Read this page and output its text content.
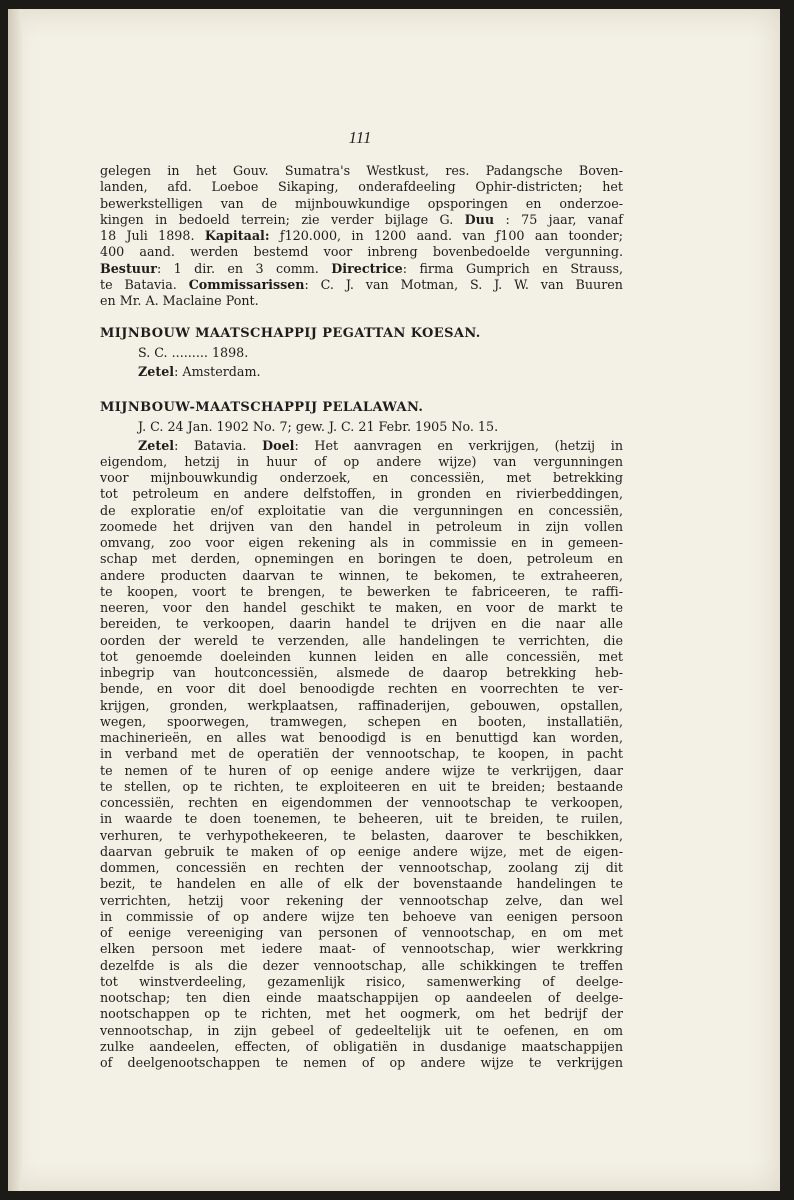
111

gelegen in het Gouv. Sumatra's Westkust, res. Padangsche Boven-

landen, afd. Loeboe Sikaping, onderafdeeling Ophir-districten; het

bewerkstelligen van de mijnbouwkundige opsporingen en onderzoe-

kingen in bedoeld terrein; zie verder bijlage G. Duu : 75 jaar, vanaf

18 Juli 1898. Kapitaal: ƒ120.000, in 1200 aand. van ƒ100 aan toonder;

400 aand. werden bestemd voor inbreng bovenbedoelde vergunning.

Bestuur: 1 dir. en 3 comm. Directrice: firma Gumprich en Strauss,

te Batavia. Commissarissen: C. J. van Motman, S. J. W. van Buuren

en Mr. A. Maclaine Pont.

MIJNBOUW MAATSCHAPPIJ PEGATTAN KOESAN.

S. C. ......... 1898.

Zetel: Amsterdam.

MIJNBOUW-MAATSCHAPPIJ PELALAWAN.

J. C. 24 Jan. 1902 No. 7; gew. J. C. 21 Febr. 1905 No. 15.

Zetel: Batavia. Doel: Het aanvragen en verkrijgen, (hetzij in

eigendom, hetzij in huur of op andere wijze) van vergunningen

voor mijnbouwkundig onderzoek, en concessiën, met betrekking

tot petroleum en andere delfstoffen, in gronden en rivierbeddingen,

de exploratie en/of exploitatie van die vergunningen en concessiën,

zoomede het drijven van den handel in petroleum in zijn vollen

omvang, zoo voor eigen rekening als in commissie en in gemeen-

schap met derden, opnemingen en boringen te doen, petroleum en

andere producten daarvan te winnen, te bekomen, te extraheeren,

te koopen, voort te brengen, te bewerken te fabriceeren, te raffi-

neeren, voor den handel geschikt te maken, en voor de markt te

bereiden, te verkoopen, daarin handel te drijven en die naar alle

oorden der wereld te verzenden, alle handelingen te verrichten, die

tot genoemde doeleinden kunnen leiden en alle concessiën, met

inbegrip van houtconcessiën, alsmede de daarop betrekking heb-

bende, en voor dit doel benoodigde rechten en voorrechten te ver-

krijgen, gronden, werkplaatsen, raffinaderijen, gebouwen, opstallen,

wegen, spoorwegen, tramwegen, schepen en booten, installatiën,

machinerieën, en alles wat benoodigd is en benuttigd kan worden,

in verband met de operatiën der vennootschap, te koopen, in pacht

te nemen of te huren of op eenige andere wijze te verkrijgen, daar

te stellen, op te richten, te exploiteeren en uit te breiden; bestaande

concessiën, rechten en eigendommen der vennootschap te verkoopen,

in waarde te doen toenemen, te beheeren, uit te breiden, te ruilen,

verhuren, te verhypothekeeren, te belasten, daarover te beschikken,

daarvan gebruik te maken of op eenige andere wijze, met de eigen-

dommen, concessiën en rechten der vennootschap, zoolang zij dit

bezit, te handelen en alle of elk der bovenstaande handelingen te

verrichten, hetzij voor rekening der vennootschap zelve, dan wel

in commissie of op andere wijze ten behoeve van eenigen persoon

of eenige vereeniging van personen of vennootschap, en om met

elken persoon met iedere maat- of vennootschap, wier werkkring

dezelfde is als die dezer vennootschap, alle schikkingen te treffen

tot winstverdeeling, gezamenlijk risico, samenwerking of deelge-

nootschap; ten dien einde maatschappijen op aandeelen of deelge-

nootschappen op te richten, met het oogmerk, om het bedrijf der

vennootschap, in zijn gebeel of gedeeltelijk uit te oefenen, en om

zulke aandeelen, effecten, of obligatiën in dusdanige maatschappijen

of deelgenootschappen te nemen of op andere wijze te verkrijgen
